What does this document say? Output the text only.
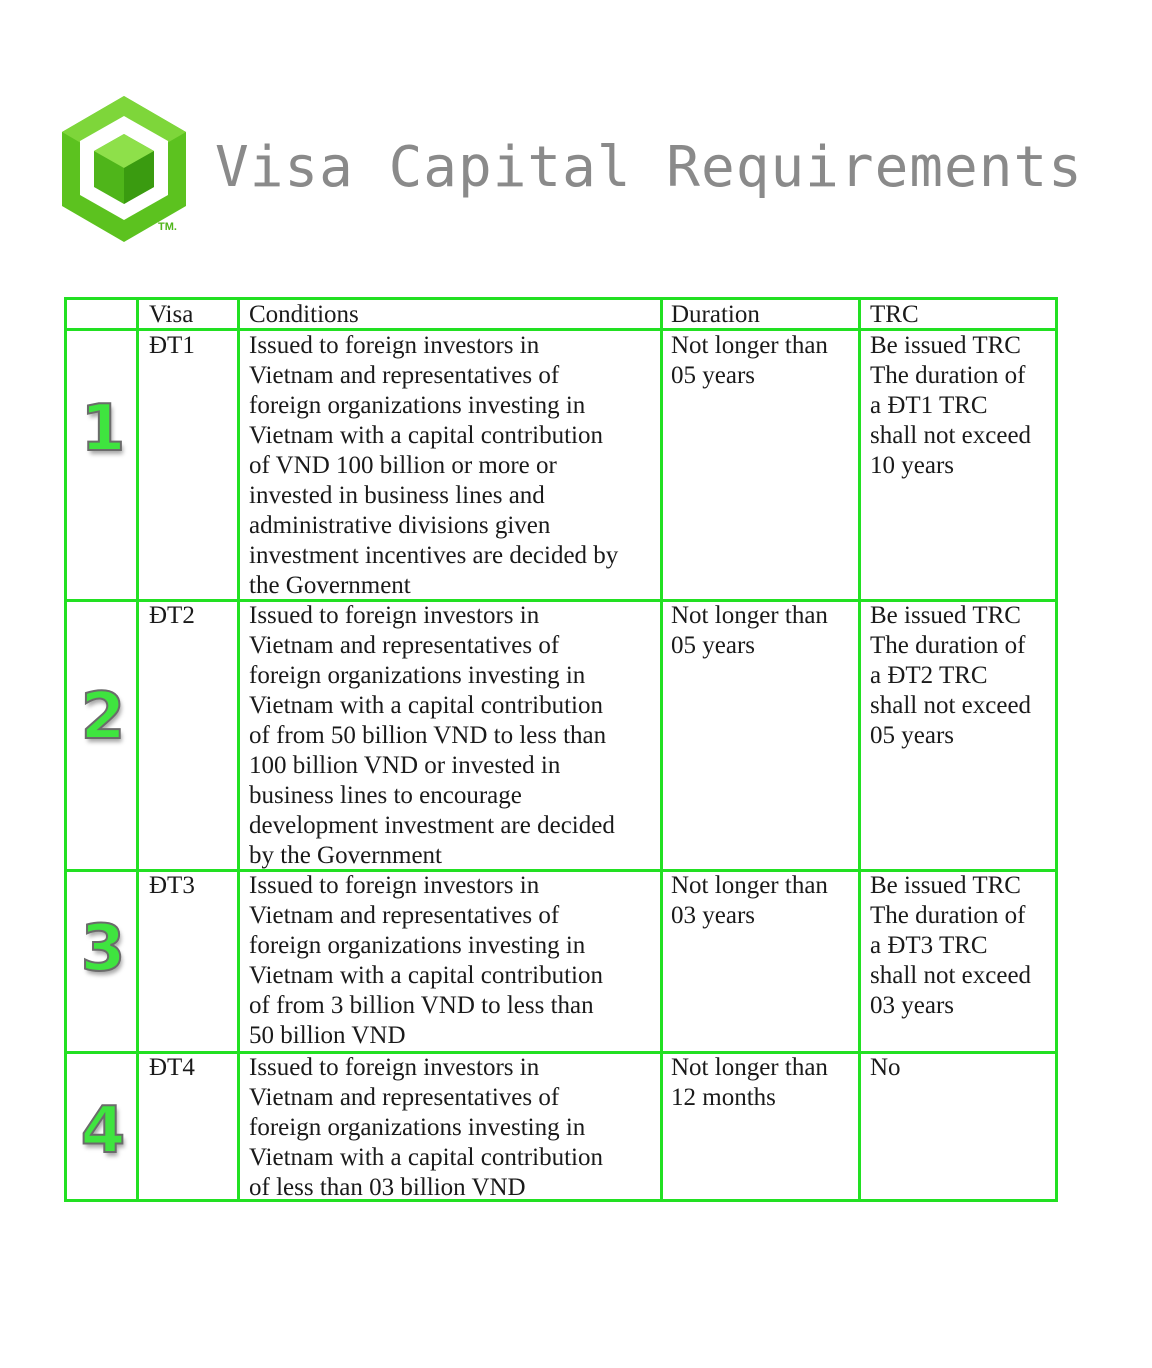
TM.
Visa Capital Requirements
Visa Conditions	Duration	TRC
1
ĐT1 Issued to foreign investors in
Vietnam and representatives of
foreign organizations investing in
Vietnam with a capital contribution
of VND 100 billion or more or
invested in business lines and
administrative divisions given
investment incentives are decided by
the Government
Not longer than
05 years
Be issued TRC
The duration of
a ĐT1 TRC
shall not exceed
10 years
2
ĐT2 Issued to foreign investors in
Vietnam and representatives of
foreign organizations investing in
Vietnam with a capital contribution
of from 50 billion VND to less than
100 billion VND or invested in
business lines to encourage
development investment are decided
by the Government
Not longer than
05 years
Be issued TRC
The duration of
a ĐT2 TRC
shall not exceed
05 years
3
ĐT3 Issued to foreign investors in
Vietnam and representatives of
foreign organizations investing in
Vietnam with a capital contribution
of from 3 billion VND to less than
50 billion VND
Not longer than
03 years
Be issued TRC
The duration of
a ĐT3 TRC
shall not exceed
03 years
4
ĐT4 Issued to foreign investors in
Vietnam and representatives of
foreign organizations investing in
Vietnam with a capital contribution
of less than 03 billion VND
Not longer than
12 months
No
